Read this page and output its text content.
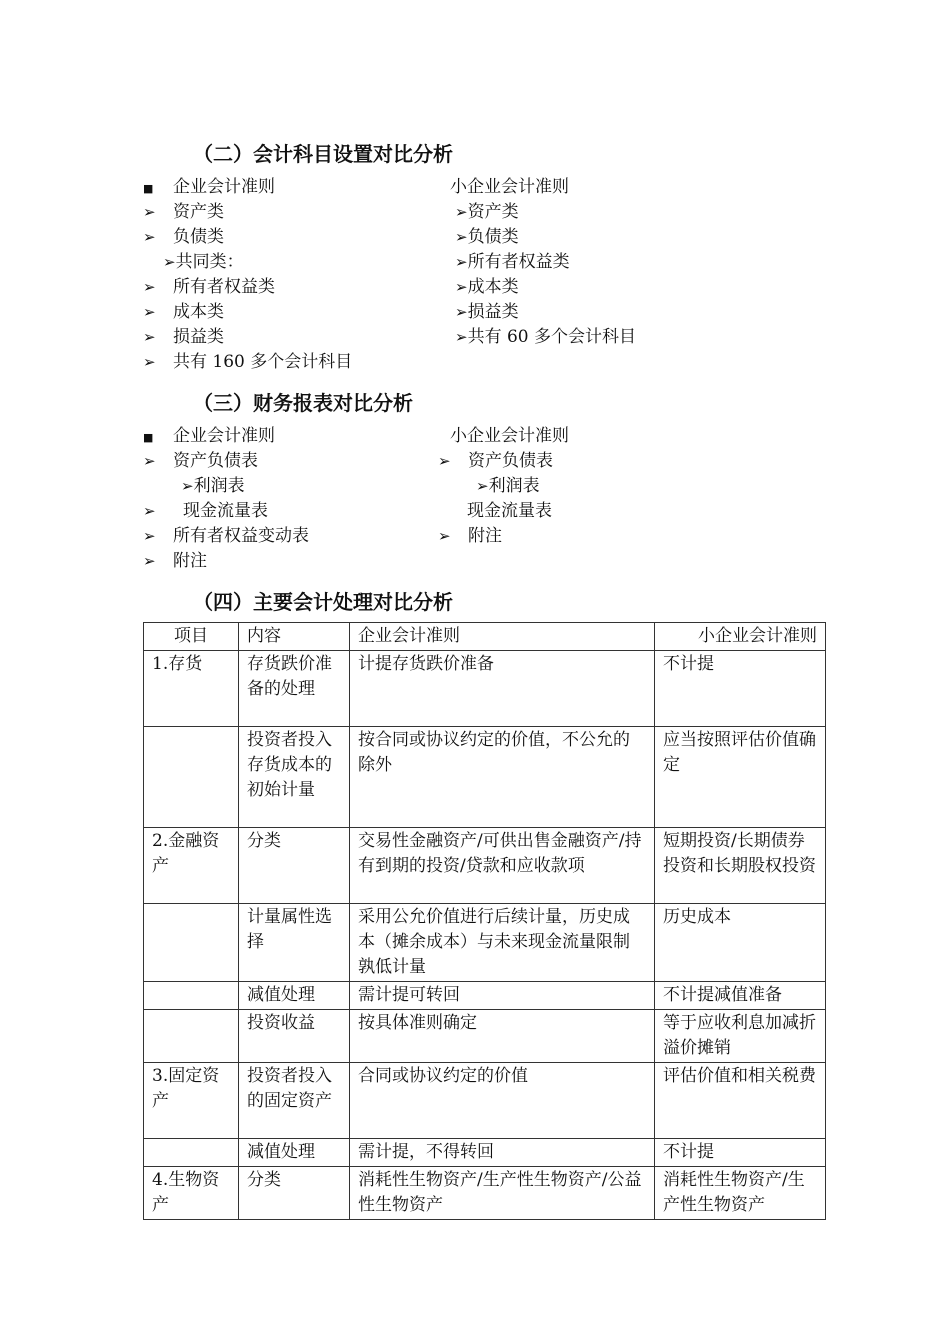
（二）会计科目设置对比分析
■ 企业会计准则
➢ 资产类
➢ 负债类
➢共同类：
➢ 所有者权益类
➢ 成本类
➢ 损益类
➢ 共有 160 多个会计科目
小企业会计准则
➢资产类
➢负债类
➢所有者权益类
➢成本类
➢损益类
➢共有 60 多个会计科目
（三）财务报表对比分析
■ 企业会计准则
➢ 资产负债表
➢利润表
➢ 现金流量表
➢ 所有者权益变动表
➢ 附注
小企业会计准则
➢ 资产负债表
➢利润表
现金流量表
➢ 附注
（四）主要会计处理对比分析
项目	内容	企业会计准则	小企业会计准则
1.存货	存货跌价准备的处理	计提存货跌价准备	不计提
	投资者投入存货成本的初始计量	按合同或协议约定的价值，不公允的除外	应当按照评估价值确定
2.金融资产	分类	交易性金融资产/可供出售金融资产/持有到期的投资/贷款和应收款项	短期投资/长期债券投资和长期股权投资
	计量属性选择	采用公允价值进行后续计量，历史成本（摊余成本）与未来现金流量限制孰低计量	历史成本
	减值处理	需计提可转回	不计提减值准备
	投资收益	按具体准则确定	等于应收利息加减折溢价摊销
3.固定资产	投资者投入的固定资产	合同或协议约定的价值	评估价值和相关税费
	减值处理	需计提，不得转回	不计提
4.生物资产	分类	消耗性生物资产/生产性生物资产/公益性生物资产	消耗性生物资产/生产性生物资产
